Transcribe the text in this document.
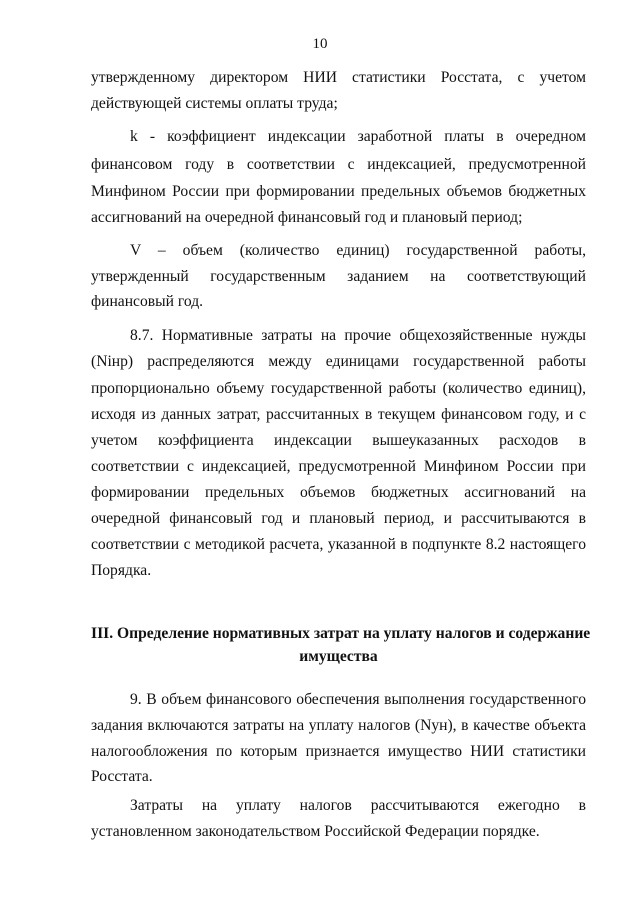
10
утвержденному директором НИИ статистики Росстата, с учетом
действующей системы оплаты труда;
k - коэффициент индексации заработной платы в очередном
финансовом году в соответствии с индексацией, предусмотренной
Минфином России при формировании предельных объемов бюджетных
ассигнований на очередной финансовый год и плановый период;
V – объем (количество единиц) государственной работы,
утвержденный государственным заданием на соответствующий
финансовый год.
8.7. Нормативные затраты на прочие общехозяйственные нужды
(Nінр) распределяются между единицами государственной работы
пропорционально объему государственной работы (количество единиц),
исходя из данных затрат, рассчитанных в текущем финансовом году, и с
учетом коэффициента индексации вышеуказанных расходов в
соответствии с индексацией, предусмотренной Минфином России при
формировании предельных объемов бюджетных ассигнований на
очередной финансовый год и плановый период, и рассчитываются в
соответствии с методикой расчета, указанной в подпункте 8.2 настоящего
Порядка.
III. Определение нормативных затрат на уплату налогов и содержание
имущества
9. В объем финансового обеспечения выполнения государственного
задания включаются затраты на уплату налогов (Nун), в качестве объекта
налогообложения по которым признается имущество НИИ статистики
Росстата.
Затраты на уплату налогов рассчитываются ежегодно в
установленном законодательством Российской Федерации порядке.
